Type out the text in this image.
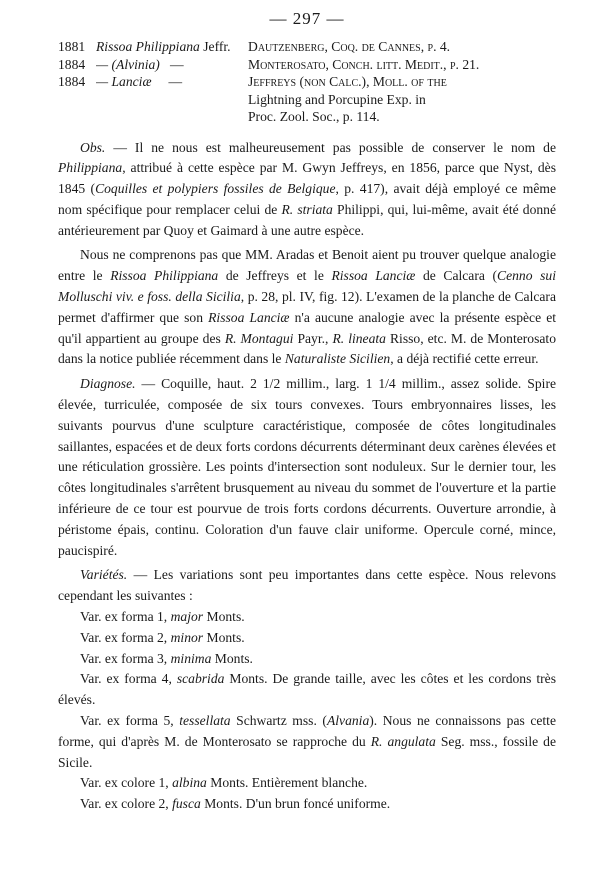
— 297 —
1881 Rissoa Philippiana Jeffr.	Dautzenberg, Coq. de Cannes, p. 4.
1884 — (Alvinia) —	Monterosato, Conch. litt. Medit., p. 21.
1884 — Lanciæ —	Jeffreys (non Calc.), Moll. of the
Lightning and Porcupine Exp. in
Proc. Zool. Soc., p. 114.

Obs. — Il ne nous est malheureusement pas possible de conserver le nom de Philippiana, attribué à cette espèce par M. Gwyn Jeffreys, en 1856, parce que Nyst, dès 1845 (Coquilles et polypiers fossiles de Belgique, p. 417), avait déjà employé ce même nom spécifique pour remplacer celui de R. striata Philippi, qui, lui-même, avait été donné antérieurement par Quoy et Gaimard à une autre espèce.

Nous ne comprenons pas que MM. Aradas et Benoit aient pu trouver quelque analogie entre le Rissoa Philippiana de Jeffreys et le Rissoa Lanciæ de Calcara (Cenno sui Molluschi viv. e foss. della Sicilia, p. 28, pl. IV, fig. 12). L'examen de la planche de Calcara permet d'affirmer que son Rissoa Lanciæ n'a aucune analogie avec la présente espèce et qu'il appartient au groupe des R. Montagui Payr., R. lineata Risso, etc. M. de Monterosato dans la notice publiée récemment dans le Naturaliste Sicilien, a déjà rectifié cette erreur.

Diagnose. — Coquille, haut. 2 1/2 millim., larg. 1 1/4 millim., assez solide. Spire élevée, turriculée, composée de six tours convexes. Tours embryonnaires lisses, les suivants pourvus d'une sculpture caractéristique, composée de côtes longitudinales saillantes, espacées et de deux forts cordons décurrents déterminant deux carènes élevées et une réticulation grossière. Les points d'intersection sont noduleux. Sur le dernier tour, les côtes longitudinales s'arrêtent brusquement au niveau du sommet de l'ouverture et la partie inférieure de ce tour est pourvue de trois forts cordons décurrents. Ouverture arrondie, à péristome épais, continu. Coloration d'un fauve clair uniforme. Opercule corné, mince, paucispiré.

Variétés. — Les variations sont peu importantes dans cette espèce. Nous relevons cependant les suivantes :

Var. ex forma 1, major Monts.
Var. ex forma 2, minor Monts.
Var. ex forma 3, minima Monts.
Var. ex forma 4, scabrida Monts. De grande taille, avec les côtes et les cordons très élevés.
Var. ex forma 5, tessellata Schwartz mss. (Alvania). Nous ne connaissons pas cette forme, qui d'après M. de Monterosato se rapproche du R. angulata Seg. mss., fossile de Sicile.
Var. ex colore 1, albina Monts. Entièrement blanche.
Var. ex colore 2, fusca Monts. D'un brun foncé uniforme.
